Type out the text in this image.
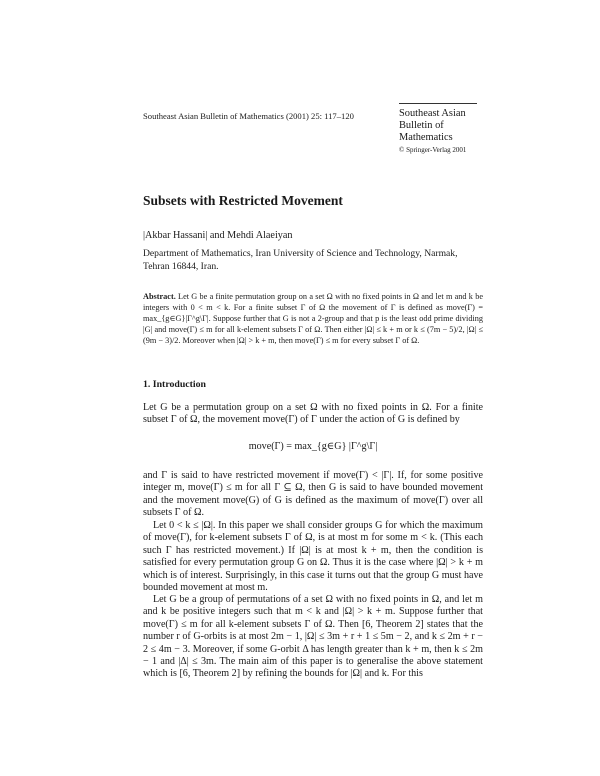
Southeast Asian Bulletin of Mathematics (2001) 25: 117–120	Southeast Asian
Bulletin of
Mathematics
© Springer-Verlag 2001
Subsets with Restricted Movement
|Akbar Hassani| and Mehdi Alaeiyan
Department of Mathematics, Iran University of Science and Technology, Narmak, Tehran 16844, Iran.
Abstract. Let G be a finite permutation group on a set Ω with no fixed points in Ω and let m and k be integers with 0 < m < k. For a finite subset Γ of Ω the movement of Γ is defined as move(Γ) = max_{g∈G}|Γ^g\Γ|. Suppose further that G is not a 2-group and that p is the least odd prime dividing |G| and move(Γ) ≤ m for all k-element subsets Γ of Ω. Then either |Ω| ≤ k + m or k ≤ (7m − 5)/2, |Ω| ≤ (9m − 3)/2. Moreover when |Ω| > k + m, then move(Γ) ≤ m for every subset Γ of Ω.
1. Introduction
Let G be a permutation group on a set Ω with no fixed points in Ω. For a finite subset Γ of Ω, the movement move(Γ) of Γ under the action of G is defined by
move(Γ) = max_{g∈G} |Γ^g\Γ|
and Γ is said to have restricted movement if move(Γ) < |Γ|. If, for some positive integer m, move(Γ) ≤ m for all Γ ⊆ Ω, then G is said to have bounded movement and the movement move(G) of G is defined as the maximum of move(Γ) over all subsets Γ of Ω.
Let 0 < k ≤ |Ω|. In this paper we shall consider groups G for which the maximum of move(Γ), for k-element subsets Γ of Ω, is at most m for some m < k. (This each such Γ has restricted movement.) If |Ω| is at most k + m, then the condition is satisfied for every permutation group G on Ω. Thus it is the case where |Ω| > k + m which is of interest. Surprisingly, in this case it turns out that the group G must have bounded movement at most m.
Let G be a group of permutations of a set Ω with no fixed points in Ω, and let m and k be positive integers such that m < k and |Ω| > k + m. Suppose further that move(Γ) ≤ m for all k-element subsets Γ of Ω. Then [6, Theorem 2] states that the number r of G-orbits is at most 2m − 1, |Ω| ≤ 3m + r + 1 ≤ 5m − 2, and k ≤ 2m + r − 2 ≤ 4m − 3. Moreover, if some G-orbit Δ has length greater than k + m, then k ≤ 2m − 1 and |Δ| ≤ 3m. The main aim of this paper is to generalise the above statement which is [6, Theorem 2] by refining the bounds for |Ω| and k. For this
